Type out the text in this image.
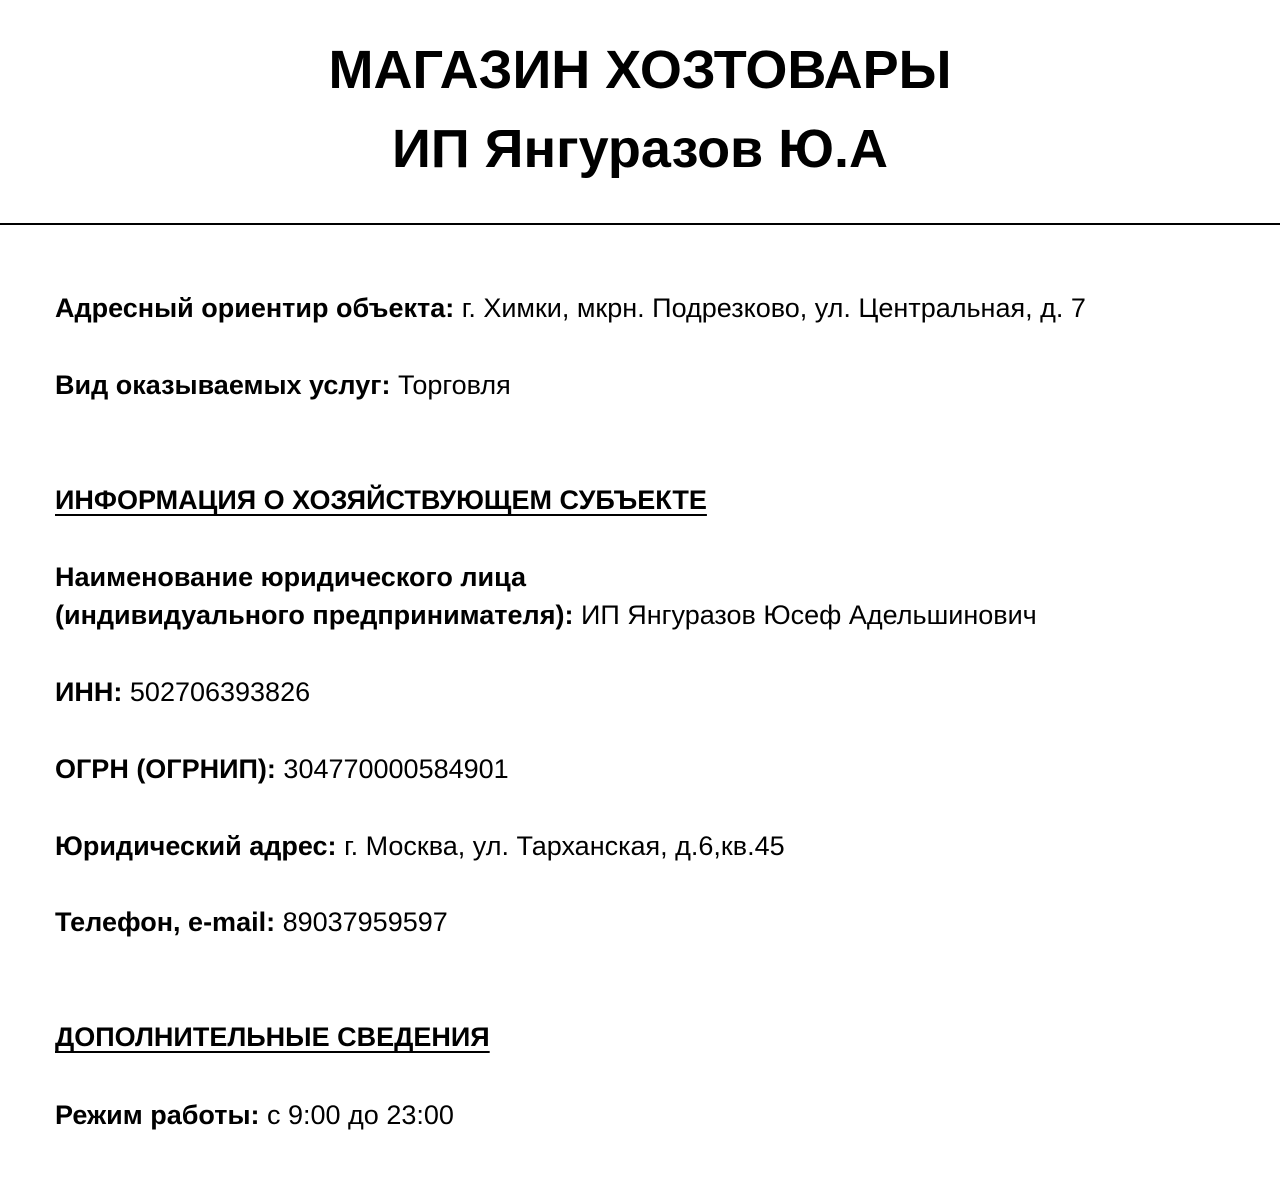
МАГАЗИН ХОЗТОВАРЫ
ИП Янгуразов Ю.А
Адресный ориентир объекта: г. Химки, мкрн. Подрезково, ул. Центральная, д. 7
Вид оказываемых услуг: Торговля
ИНФОРМАЦИЯ О ХОЗЯЙСТВУЮЩЕМ СУБЪЕКТЕ
Наименование юридического лица
(индивидуального предпринимателя): ИП Янгуразов Юсеф Адельшинович
ИНН: 502706393826
ОГРН (ОГРНИП): 304770000584901
Юридический адрес: г. Москва, ул. Тарханская, д.6,кв.45
Телефон, e-mail: 89037959597
ДОПОЛНИТЕЛЬНЫЕ СВЕДЕНИЯ
Режим работы: с 9:00 до 23:00
